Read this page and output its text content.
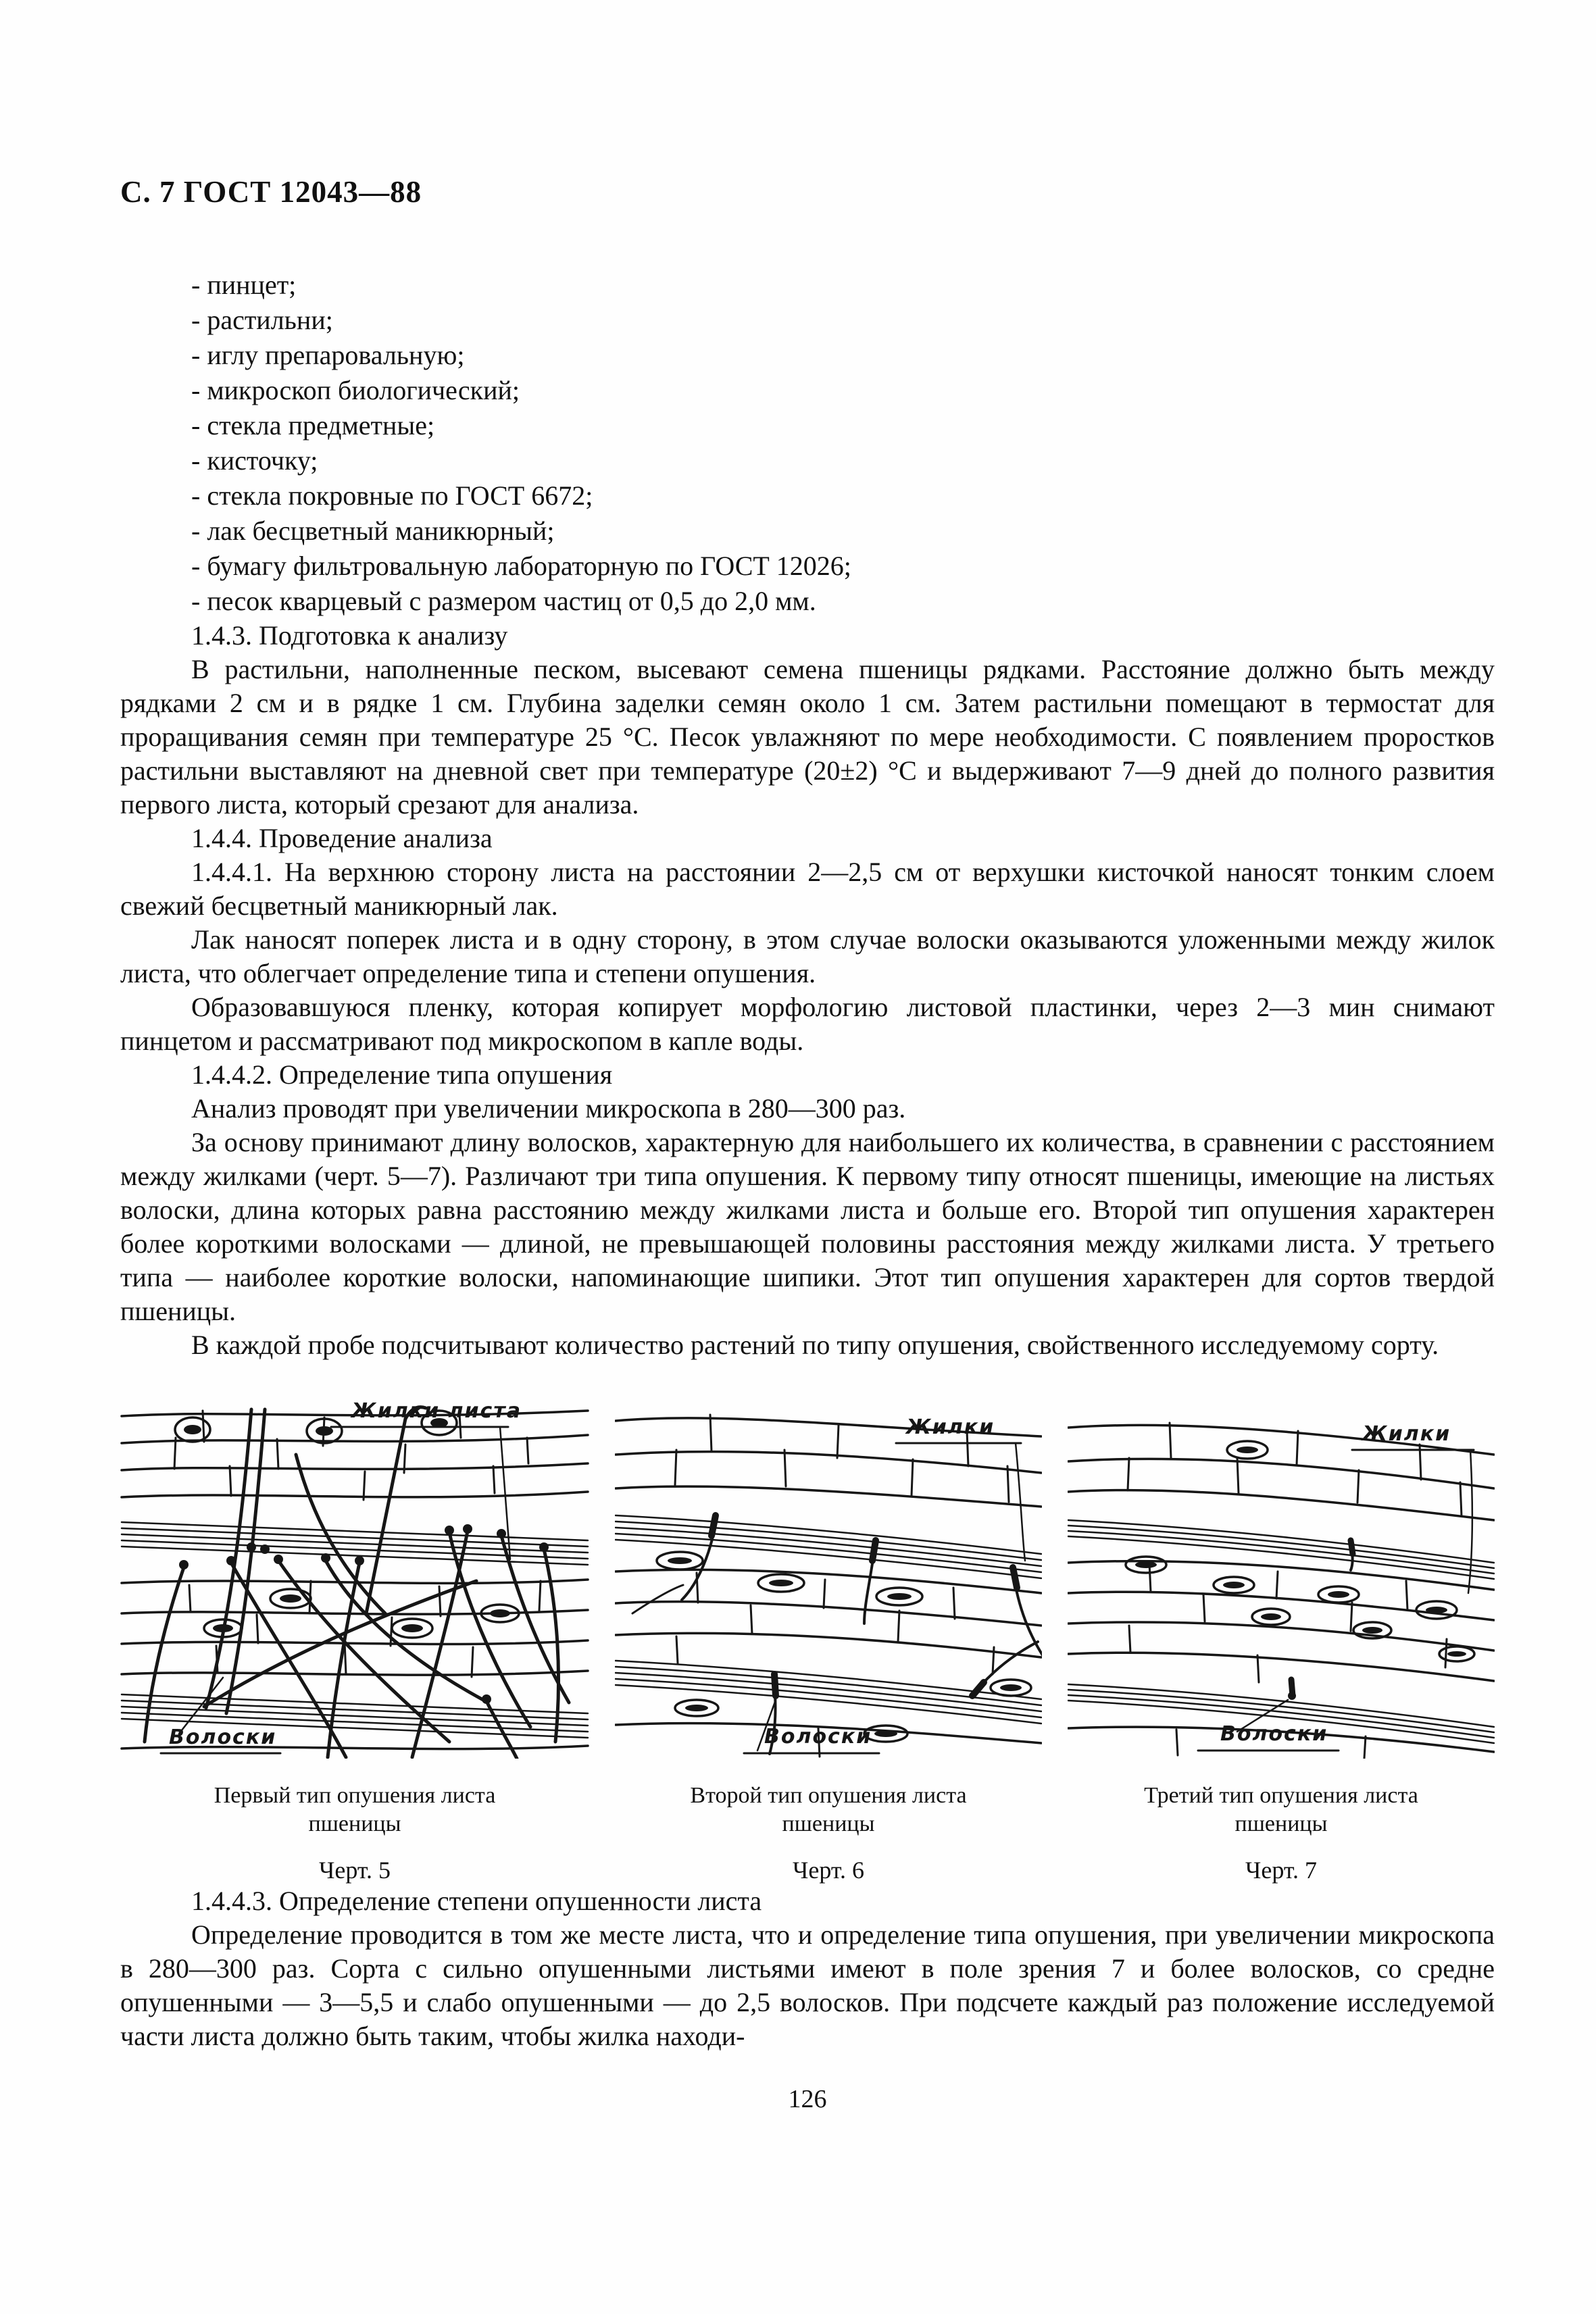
С. 7 ГОСТ 12043—88

- пинцет;
- растильни;
- иглу препаровальную;
- микроскоп биологический;
- стекла предметные;
- кисточку;
- стекла покровные по ГОСТ 6672;
- лак бесцветный маникюрный;
- бумагу фильтровальную лабораторную по ГОСТ 12026;
- песок кварцевый с размером частиц от 0,5 до 2,0 мм.

1.4.3. Подготовка к анализу

В растильни, наполненные песком, высевают семена пшеницы рядками. Расстояние должно быть между рядками 2 см и в рядке 1 см. Глубина заделки семян около 1 см. Затем растильни помещают в термостат для проращивания семян при температуре 25 °С. Песок увлажняют по мере необходимости. С появлением проростков растильни выставляют на дневной свет при температуре (20±2) °С и выдерживают 7—9 дней до полного развития первого листа, который срезают для анализа.

1.4.4. Проведение анализа

1.4.4.1. На верхнюю сторону листа на расстоянии 2—2,5 см от верхушки кисточкой наносят тонким слоем свежий бесцветный маникюрный лак.

Лак наносят поперек листа и в одну сторону, в этом случае волоски оказываются уложенными между жилок листа, что облегчает определение типа и степени опушения.

Образовавшуюся пленку, которая копирует морфологию листовой пластинки, через 2—3 мин снимают пинцетом и рассматривают под микроскопом в капле воды.

1.4.4.2. Определение типа опушения

Анализ проводят при увеличении микроскопа в 280—300 раз.

За основу принимают длину волосков, характерную для наибольшего их количества, в сравнении с расстоянием между жилками (черт. 5—7). Различают три типа опушения. К первому типу относят пшеницы, имеющие на листьях волоски, длина которых равна расстоянию между жилками листа и больше его. Второй тип опушения характерен более короткими волосками — длиной, не превышающей половины расстояния между жилками листа. У третьего типа — наиболее короткие волоски, напоминающие шипики. Этот тип опушения характерен для сортов твердой пшеницы.

В каждой пробе подсчитывают количество растений по типу опушения, свойственного исследуемому сорту.

Жилки листа
Волоски
Первый тип опушения листа
пшеницы
Черт. 5
Жилки
Волоски
Второй тип опушения листа
пшеницы
Черт. 6
Жилки
Волоски
Третий тип опушения листа
пшеницы
Черт. 7

1.4.4.3. Определение степени опушенности листа

Определение проводится в том же месте листа, что и определение типа опушения, при увеличении микроскопа в 280—300 раз. Сорта с сильно опушенными листьями имеют в поле зрения 7 и более волосков, со средне опушенными — 3—5,5 и слабо опушенными — до 2,5 волосков. При подсчете каждый раз положение исследуемой части листа должно быть таким, чтобы жилка находи-

126
